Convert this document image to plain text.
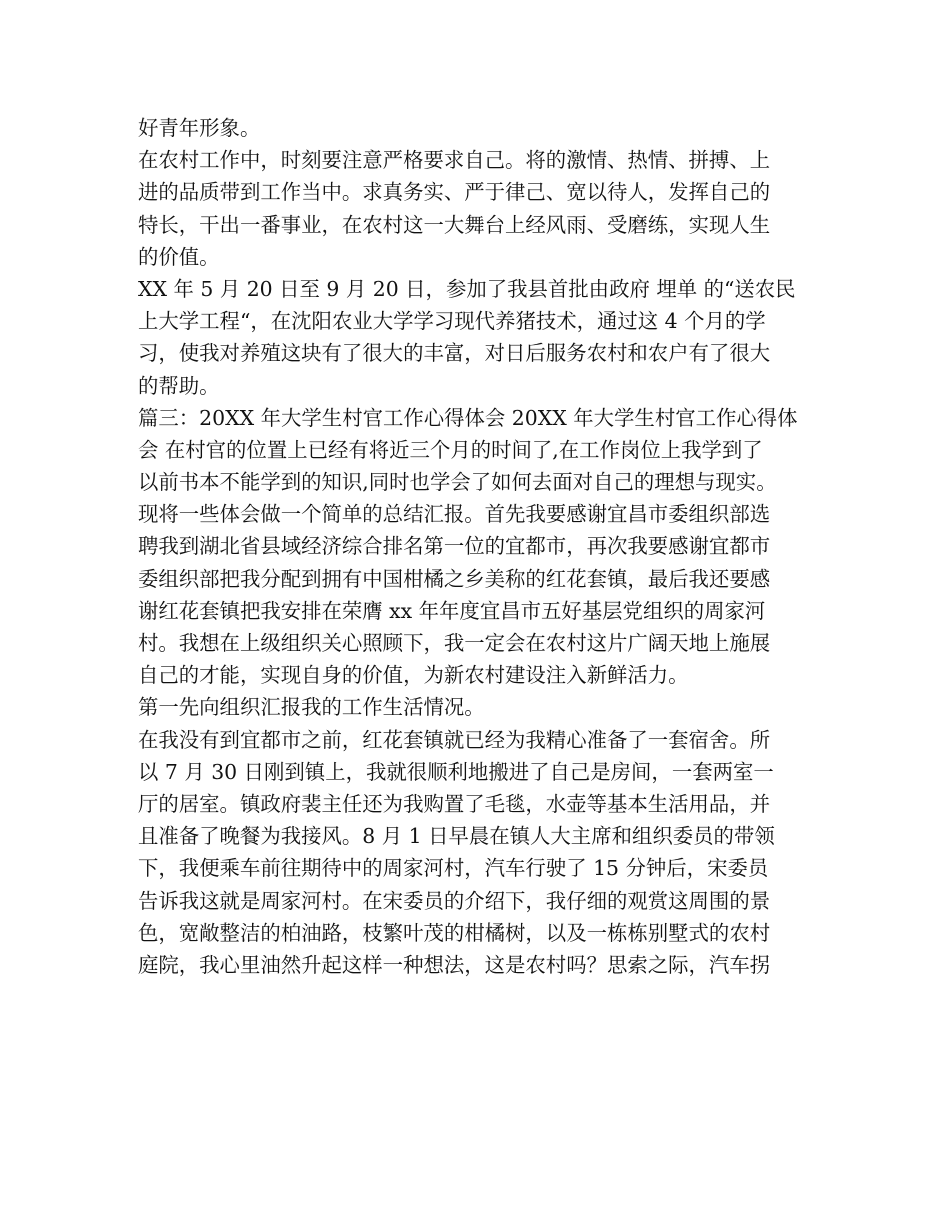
好青年形象。
在农村工作中，时刻要注意严格要求自己。将的激情、热情、拼搏、上
进的品质带到工作当中。求真务实、严于律己、宽以待人，发挥自己的
特长，干出一番事业，在农村这一大舞台上经风雨、受磨练，实现人生
的价值。
XX 年 5 月 20 日至 9 月 20 日，参加了我县首批由政府 埋单 的“送农民
上大学工程“，在沈阳农业大学学习现代养猪技术，通过这 4 个月的学
习，使我对养殖这块有了很大的丰富，对日后服务农村和农户有了很大
的帮助。
篇三：20XX 年大学生村官工作心得体会 20XX 年大学生村官工作心得体
会 在村官的位置上已经有将近三个月的时间了,在工作岗位上我学到了
以前书本不能学到的知识,同时也学会了如何去面对自己的理想与现实。
现将一些体会做一个简单的总结汇报。首先我要感谢宜昌市委组织部选
聘我到湖北省县域经济综合排名第一位的宜都市，再次我要感谢宜都市
委组织部把我分配到拥有中国柑橘之乡美称的红花套镇，最后我还要感
谢红花套镇把我安排在荣膺 xx 年年度宜昌市五好基层党组织的周家河
村。我想在上级组织关心照顾下，我一定会在农村这片广阔天地上施展
自己的才能，实现自身的价值，为新农村建设注入新鲜活力。
第一先向组织汇报我的工作生活情况。
在我没有到宜都市之前，红花套镇就已经为我精心准备了一套宿舍。所
以 7 月 30 日刚到镇上，我就很顺利地搬进了自己是房间，一套两室一
厅的居室。镇政府裴主任还为我购置了毛毯，水壶等基本生活用品，并
且准备了晚餐为我接风。8 月 1 日早晨在镇人大主席和组织委员的带领
下，我便乘车前往期待中的周家河村，汽车行驶了 15 分钟后，宋委员
告诉我这就是周家河村。在宋委员的介绍下，我仔细的观赏这周围的景
色，宽敞整洁的柏油路，枝繁叶茂的柑橘树，以及一栋栋别墅式的农村
庭院，我心里油然升起这样一种想法，这是农村吗？思索之际，汽车拐
